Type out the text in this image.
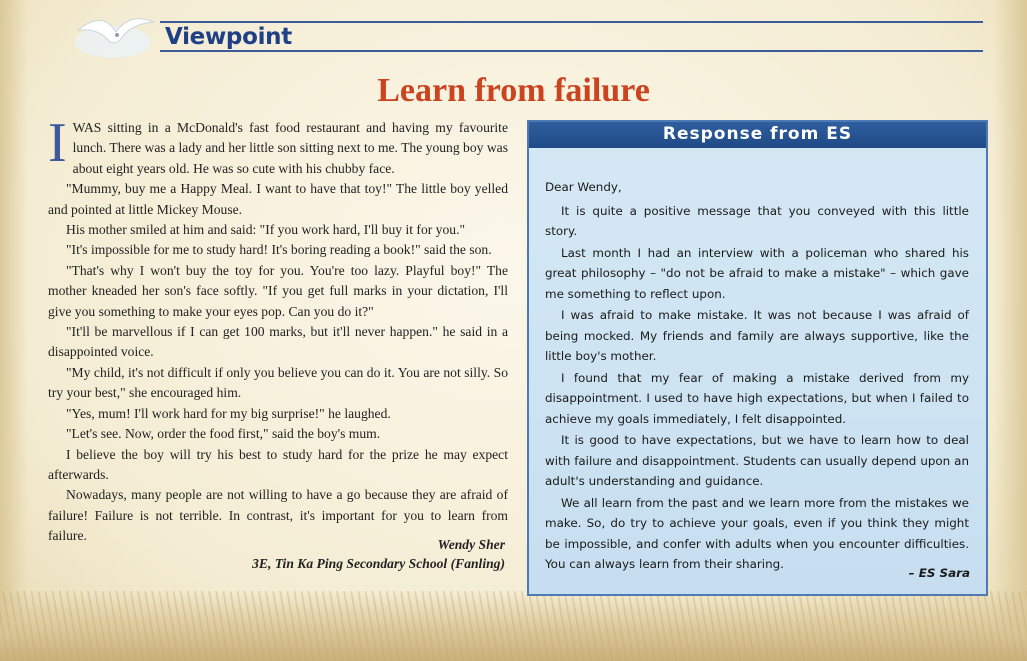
Viewpoint
Learn from failure

IWAS sitting in a McDonald's fast food restaurant and having my favourite lunch. There was a lady and her little son sitting next to me. The young boy was about eight years old. He was so cute with his chubby face.

"Mummy, buy me a Happy Meal. I want to have that toy!" The little boy yelled and pointed at little Mickey Mouse.

His mother smiled at him and said: "If you work hard, I'll buy it for you."

"It's impossible for me to study hard! It's boring reading a book!" said the son.

"That's why I won't buy the toy for you. You're too lazy. Playful boy!" The mother kneaded her son's face softly. "If you get full marks in your dictation, I'll give you something to make your eyes pop. Can you do it?"

"It'll be marvellous if I can get 100 marks, but it'll never happen." he said in a disappointed voice.

"My child, it's not difficult if only you believe you can do it. You are not silly. So try your best," she encouraged him.

"Yes, mum! I'll work hard for my big surprise!" he laughed.

"Let's see. Now, order the food first," said the boy's mum.

I believe the boy will try his best to study hard for the prize he may expect afterwards.

Nowadays, many people are not willing to have a go because they are afraid of failure! Failure is not terrible. In contrast, it's important for you to learn from failure.

Wendy Sher
3E, Tin Ka Ping Secondary School (Fanling)
Response from ES

Dear Wendy,

It is quite a positive message that you conveyed with this little story.

Last month I had an interview with a policeman who shared his great philosophy – "do not be afraid to make a mistake" – which gave me something to reflect upon.

I was afraid to make mistake. It was not because I was afraid of being mocked. My friends and family are always supportive, like the little boy's mother.

I found that my fear of making a mistake derived from my disappointment. I used to have high expectations, but when I failed to achieve my goals immediately, I felt disappointed.

It is good to have expectations, but we have to learn how to deal with failure and disappointment. Students can usually depend upon an adult's understanding and guidance.

We all learn from the past and we learn more from the mistakes we make. So, do try to achieve your goals, even if you think they might be impossible, and confer with adults when you encounter difficulties. You can always learn from their sharing.

– ES Sara
